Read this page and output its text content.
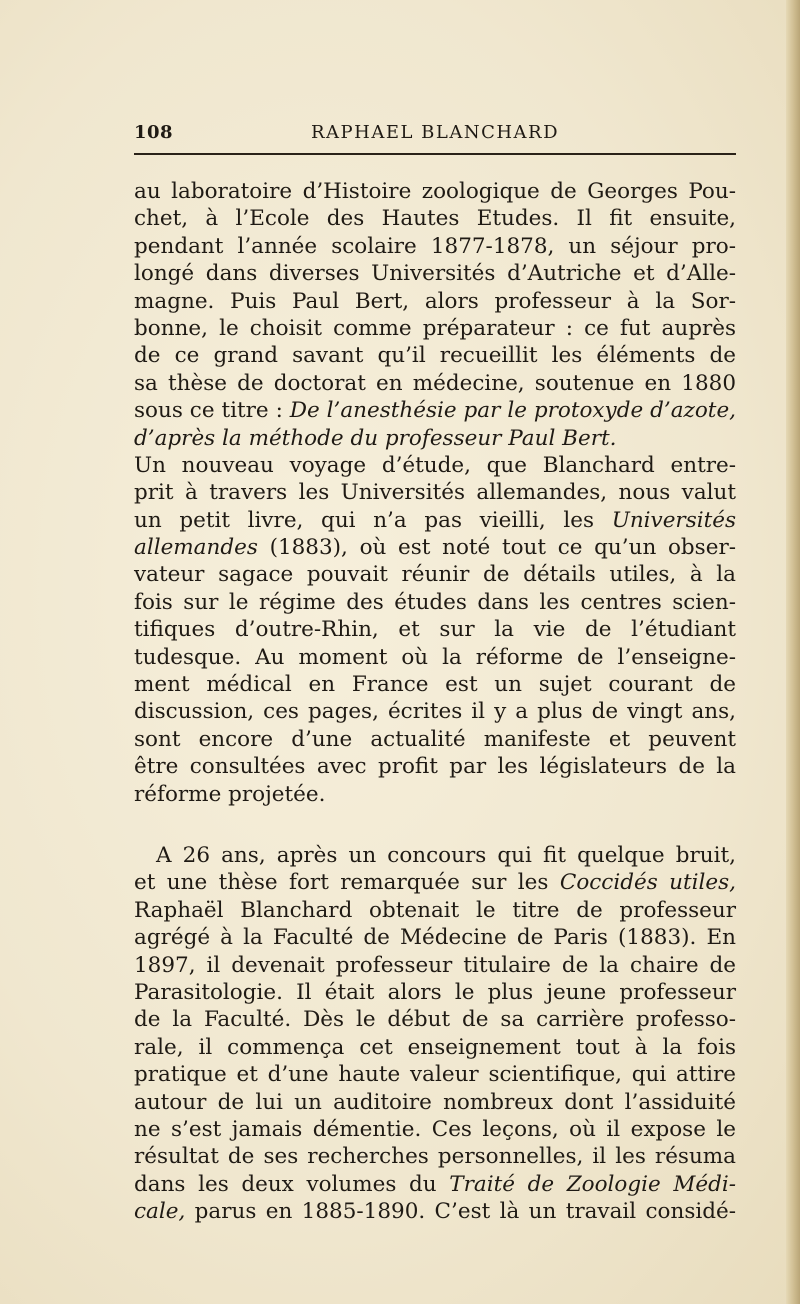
108	RAPHAEL BLANCHARD
au laboratoire d’Histoire zoologique de Georges Pou-
chet, à l’Ecole des Hautes Etudes. Il fit ensuite,
pendant l’année scolaire 1877-1878, un séjour pro-
longé dans diverses Universités d’Autriche et d’Alle-
magne. Puis Paul Bert, alors professeur à la Sor-
bonne, le choisit comme préparateur : ce fut auprès
de ce grand savant qu’il recueillit les éléments de
sa thèse de doctorat en médecine, soutenue en 1880
sous ce titre : De l’anesthésie par le protoxyde d’azote,
d’après la méthode du professeur Paul Bert.
Un nouveau voyage d’étude, que Blanchard entre-
prit à travers les Universités allemandes, nous valut
un petit livre, qui n’a pas vieilli, les Universités
allemandes (1883), où est noté tout ce qu’un obser-
vateur sagace pouvait réunir de détails utiles, à la
fois sur le régime des études dans les centres scien-
tifiques d’outre-Rhin, et sur la vie de l’étudiant
tudesque. Au moment où la réforme de l’enseigne-
ment médical en France est un sujet courant de
discussion, ces pages, écrites il y a plus de vingt ans,
sont encore d’une actualité manifeste et peuvent
être consultées avec profit par les législateurs de la
réforme projetée.
A 26 ans, après un concours qui fit quelque bruit,
et une thèse fort remarquée sur les Coccidés utiles,
Raphaël Blanchard obtenait le titre de professeur
agrégé à la Faculté de Médecine de Paris (1883). En
1897, il devenait professeur titulaire de la chaire de
Parasitologie. Il était alors le plus jeune professeur
de la Faculté. Dès le début de sa carrière professo-
rale, il commença cet enseignement tout à la fois
pratique et d’une haute valeur scientifique, qui attire
autour de lui un auditoire nombreux dont l’assiduité
ne s’est jamais démentie. Ces leçons, où il expose le
résultat de ses recherches personnelles, il les résuma
dans les deux volumes du Traité de Zoologie Médi-
cale, parus en 1885-1890. C’est là un travail considé-
